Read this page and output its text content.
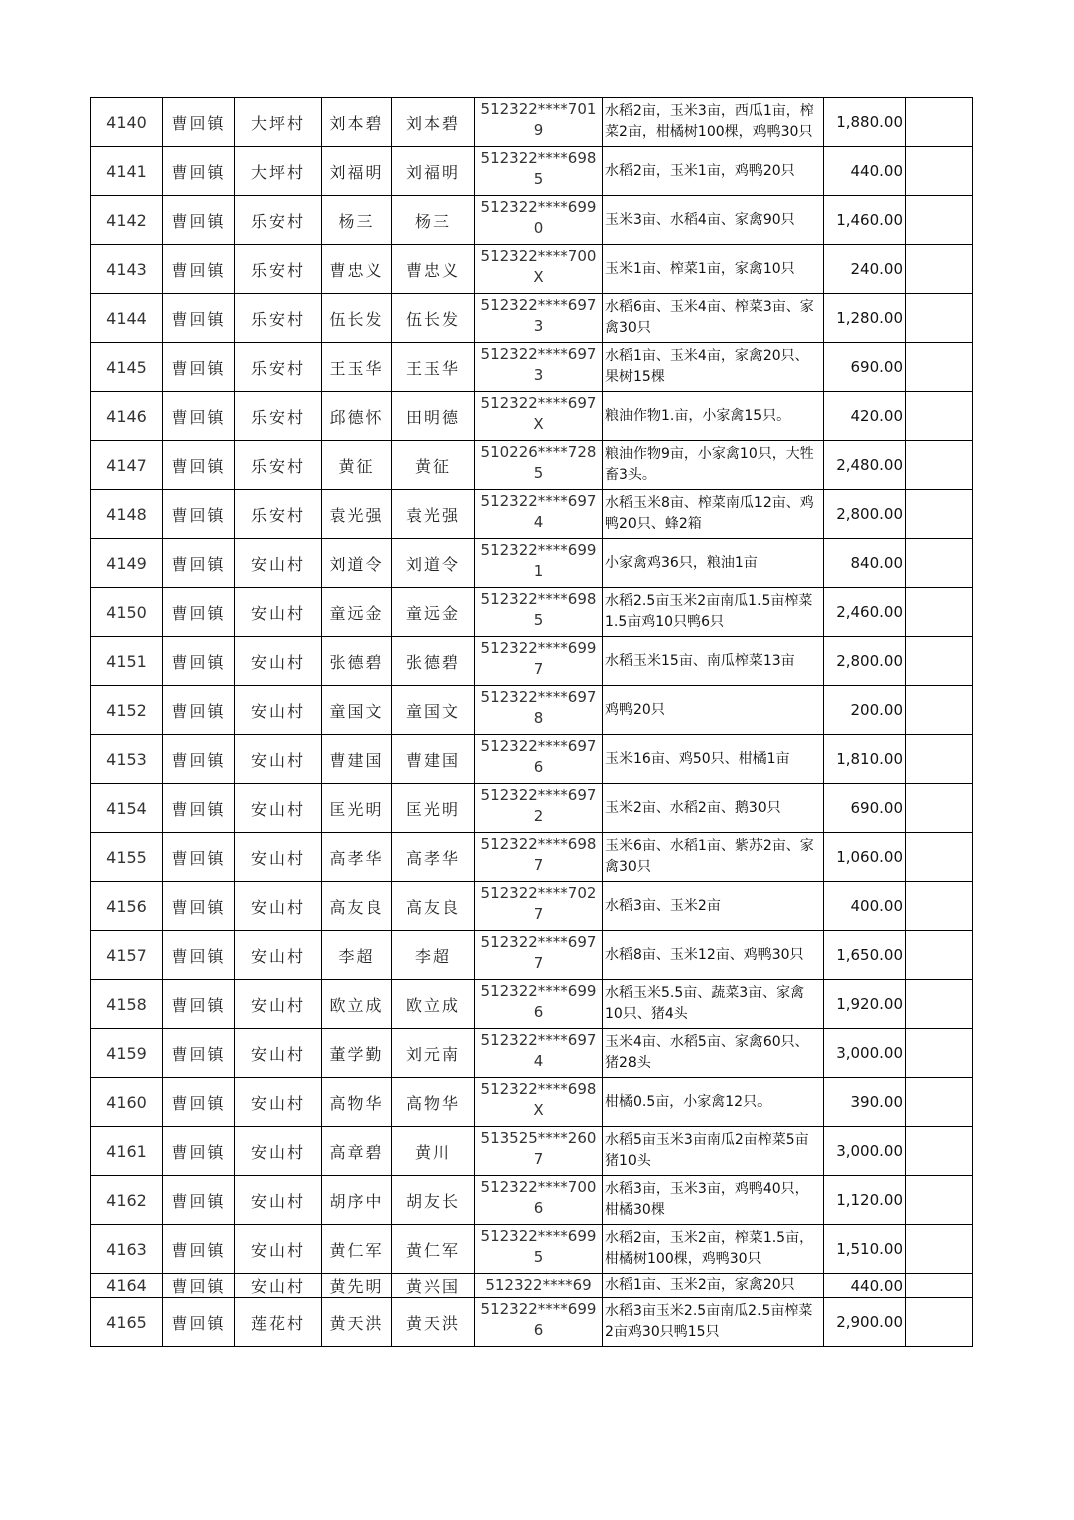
4140	曹回镇	大坪村	刘本碧	刘本碧	512322****7019	水稻2亩，玉米3亩，西瓜1亩，榨菜2亩，柑橘树100棵，鸡鸭30只	1,880.00	
4141	曹回镇	大坪村	刘福明	刘福明	512322****6985	水稻2亩，玉米1亩，鸡鸭20只	440.00	
4142	曹回镇	乐安村	杨三	杨三	512322****6990	玉米3亩、水稻4亩、家禽90只	1,460.00	
4143	曹回镇	乐安村	曹忠义	曹忠义	512322****700X	玉米1亩、榨菜1亩，家禽10只	240.00	
4144	曹回镇	乐安村	伍长发	伍长发	512322****6973	水稻6亩、玉米4亩、榨菜3亩、家禽30只	1,280.00	
4145	曹回镇	乐安村	王玉华	王玉华	512322****6973	水稻1亩、玉米4亩，家禽20只、果树15棵	690.00	
4146	曹回镇	乐安村	邱德怀	田明德	512322****697X	粮油作物1.亩，小家禽15只。	420.00	
4147	曹回镇	乐安村	黄征	黄征	510226****7285	粮油作物9亩，小家禽10只，大牲畜3头。	2,480.00	
4148	曹回镇	乐安村	袁光强	袁光强	512322****6974	水稻玉米8亩、榨菜南瓜12亩、鸡鸭20只、蜂2箱	2,800.00	
4149	曹回镇	安山村	刘道令	刘道令	512322****6991	小家禽鸡36只，粮油1亩	840.00	
4150	曹回镇	安山村	童远金	童远金	512322****6985	水稻2.5亩玉米2亩南瓜1.5亩榨菜1.5亩鸡10只鸭6只	2,460.00	
4151	曹回镇	安山村	张德碧	张德碧	512322****6997	水稻玉米15亩、南瓜榨菜13亩	2,800.00	
4152	曹回镇	安山村	童国文	童国文	512322****6978	鸡鸭20只	200.00	
4153	曹回镇	安山村	曹建国	曹建国	512322****6976	玉米16亩、鸡50只、柑橘1亩	1,810.00	
4154	曹回镇	安山村	匡光明	匡光明	512322****6972	玉米2亩、水稻2亩、鹅30只	690.00	
4155	曹回镇	安山村	高孝华	高孝华	512322****6987	玉米6亩、水稻1亩、紫苏2亩、家禽30只	1,060.00	
4156	曹回镇	安山村	高友良	高友良	512322****7027	水稻3亩、玉米2亩	400.00	
4157	曹回镇	安山村	李超	李超	512322****6977	水稻8亩、玉米12亩、鸡鸭30只	1,650.00	
4158	曹回镇	安山村	欧立成	欧立成	512322****6996	水稻玉米5.5亩、蔬菜3亩、家禽10只、猪4头	1,920.00	
4159	曹回镇	安山村	董学勤	刘元南	512322****6974	玉米4亩、水稻5亩、家禽60只、猪28头	3,000.00	
4160	曹回镇	安山村	高物华	高物华	512322****698X	柑橘0.5亩，小家禽12只。	390.00	
4161	曹回镇	安山村	高章碧	黄川	513525****2607	水稻5亩玉米3亩南瓜2亩榨菜5亩猪10头	3,000.00	
4162	曹回镇	安山村	胡序中	胡友长	512322****7006	水稻3亩，玉米3亩，鸡鸭40只，柑橘30棵	1,120.00	
4163	曹回镇	安山村	黄仁军	黄仁军	512322****6995	水稻2亩，玉米2亩，榨菜1.5亩，柑橘树100棵，鸡鸭30只	1,510.00	
4164	曹回镇	安山村	黄先明	黄兴国	512322****69	水稻1亩、玉米2亩，家禽20只	440.00	
4165	曹回镇	莲花村	黄天洪	黄天洪	512322****6996	水稻3亩玉米2.5亩南瓜2.5亩榨菜2亩鸡30只鸭15只	2,900.00	
